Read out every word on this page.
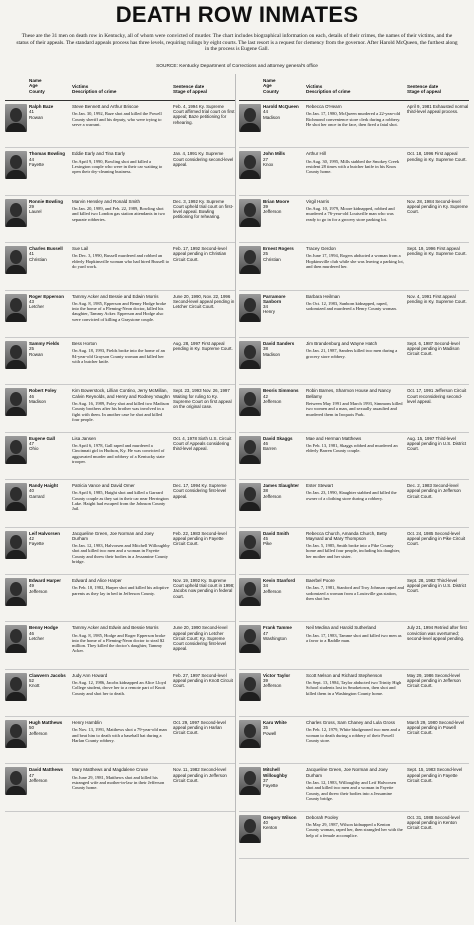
DEATH ROW INMATES
These are the 31 men on death row in Kentucky, all of whom were convicted of murder. The chart includes biographical information on each, details of their crimes, the names of their victims, and the status of their appeals. The standard appeals process has three levels, requiring rulings by eight courts. The last resort is a request for clemency from the governor. After Harold McQueen, the furthest along in the process is Eugene Gall.
SOURCE: Kentucky Department of Corrections and attorney general's office
Name
Age
County
Victims
Description of crime
Sentence date
Stage of appeal
Ralph Baze
41
Rowan
Steve Bennett and Arthur Briscoe
On Jan. 30, 1992, Baze shot and killed the Powell County sheriff and his deputy, who were trying to serve a warrant.
Feb. 4, 1994 Ky. Supreme Court affirmed trial court on first appeal; Baze petitioning for rehearing.
Thomas Bowling
44
Fayette
Eddie Early and Tina Early
On April 9, 1990, Bowling shot and killed a Lexington couple who were in their car waiting to open their dry-cleaning business.
Jan. 4, 1991 Ky. Supreme Court considering second-level appeal.
Ronnie Bowling
29
Laurel
Marvin Hensley and Ronald Smith
On Jan. 20, 1989, and Feb. 22, 1989, Bowling shot and killed two London gas station attendants in two separate robberies.
Dec. 3, 1992 Ky. Supreme Court upheld trial court on first-level appeal. Bowling petitioning for rehearing.
Charles Bussell
41
Christian
Sue Lail
On Dec. 3, 1990, Bussell murdered and robbed an elderly Hopkinsville woman who had hired Bussell to do yard work.
Feb. 17, 1992 Second-level appeal pending in Christian Circuit Court.
Roger Epperson
43
Letcher
Tammy Acker and Bessie and Edwin Morris
On Aug. 8, 1985, Epperson and Benny Hodge broke into the home of a Fleming-Neon doctor, killed his daughter, Tammy Acker. Epperson and Hodge also were convicted of killing a Graystone couple.
June 20, 1990, Nov. 22, 1996 Second-level appeal pending in Letcher Circuit Court.
Sammy Fields
25
Rowan
Bess Horton
On Aug. 18, 1993, Fields broke into the home of an 84-year-old Grayson County woman and killed her with a butcher knife.
Aug. 28, 1997 First appeal pending in Ky. Supreme Court.
Robert Foley
46
Madison
Kim Bowerstock, Lillian Contino, Jerry McMillan, Calvin Reynolds, and Henry and Rodney Vaughn
On Aug. 16, 1989, Foley shot and killed two Madison County brothers after his brother was involved in a fight with them. In another case he shot and killed four people.
Sept. 23, 1993 Nov. 26, 1997 Waiting for ruling to Ky. Supreme Court on first appeal on the original case.
Eugene Gall
47
Ohio
Lisa Jansen
On April 6, 1978, Gall raped and murdered a Cincinnati girl in Hudson, Ky. He was convicted of aggravated murder and robbery of a Kentucky state trooper.
Oct. 4, 1978 Sixth U.S. Circuit Court of Appeals considering third-level appeal.
Randy Haight
40
Garrard
Patricia Vance and David Omer
On April 6, 1985, Haight shot and killed a Garrard County couple as they sat in their car near Herrington Lake. Haight had escaped from the Johnson County Jail.
Dec. 17, 1994 Ky. Supreme Court considering first-level appeal.
Leif Halvorsen
42
Fayette
Jacqueline Green, Joe Norman and Joey Durham
On Jan. 12, 1983, Halvorsen and Mitchell Willoughby shot and killed two men and a woman in Fayette County and threw their bodies in a Jessamine County bridge.
Feb. 22, 1983 Second-level appeal pending in Fayette Circuit Court.
Edward Harper
49
Jefferson
Edward and Alice Harper
On Feb. 18, 1982, Harper shot and killed his adoptive parents as they lay in bed in Jefferson County.
Nov. 19, 1992 Ky. Supreme Court upheld trial court in 1998; Jacobs now pending in federal court.
Benny Hodge
46
Letcher
Tammy Acker and Edwin and Bessie Morris
On Aug. 8, 1985, Hodge and Roger Epperson broke into the home of a Fleming-Neon doctor to steal $2 million. They killed the doctor's daughter, Tammy Acker.
June 20, 1990 Second-level appeal pending in Letcher Circuit Court; Ky. Supreme Court considering first-level appeal.
Clawvern Jacobs
52
Knott
Judy Ann Howard
On Aug. 12, 1986, Jacobs kidnapped an Alice Lloyd College student, drove her to a remote part of Knott County and shot her to death.
Feb. 27, 1997 Second-level appeal pending in Knott Circuit Court.
Hugh Matthews
50
Jefferson
Henry Hamblin
On Nov. 13, 1991, Matthews shot a 79-year-old man and beat him to death with a baseball bat during a Harlan County robbery.
Oct. 29, 1997 Second-level appeal pending in Harlan Circuit Court.
David Matthews
47
Jefferson
Mary Matthews and Magdalene Cruse
On June 29, 1981, Matthews shot and killed his estranged wife and mother-in-law in their Jefferson County home.
Nov. 11, 1982 Second-level appeal pending in Jefferson Circuit Court.
Name
Age
County
Victims
Description of crime
Sentence date
Stage of appeal
Harold McQueen
44
Madison
Rebecca O'Hearn
On Jan. 17, 1980, McQueen murdered a 22-year-old Richmond convenience store clerk during a robbery. He shot her once in the face, then fired a fatal shot.
April 9, 1981 Exhausted normal third-level appeal process.
John Mills
27
Knox
Arthur Hill
On Aug. 30, 1995, Mills stabbed the Smokey Creek resident 28 times with a butcher knife in his Knox County home.
Oct. 18, 1996 First appeal pending in Ky. Supreme Court.
Brian Moore
39
Jefferson
Virgil Harris
On Aug. 10, 1979, Moore kidnapped, robbed and murdered a 76-year-old Louisville man who was ready to go in for a grocery store parking lot.
Nov. 28, 1984 Second-level appeal pending in Ky. Supreme Court.
Ernest Rogers
25
Christian
Tracey Gerdon
On June 17, 1994, Rogers abducted a woman from a Hopkinsville club while she was leaving a parking lot, and then murdered her.
Sept. 19, 1996 First appeal pending in Ky. Supreme Court.
Parramore Sanborn
34
Henry
Barbara Heilman
On Oct. 12, 1983, Sanborn kidnapped, raped, sodomized and murdered a Henry County woman.
Nov. 4, 1991 First appeal pending in Ky. Supreme Court.
David Sanders
38
Madison
Jim Brandenburg and Wayne Hatch
On Jan. 21, 1987, Sanders killed two men during a grocery store robbery.
Sept. 6, 1987 Second-level appeal pending in Madison Circuit Court.
Beoris Simmons
42
Jefferson
Robin Barnes, Sharmon House and Nancy Bellamy
Between May 1991 and March 1993, Simmons killed two women and a man, and sexually assaulted and murdered them in Iroquois Park.
Oct. 17, 1991 Jefferson Circuit Court reconsidering second-level appeal.
David Skaggs
46
Barren
Mae and Herman Matthews
On Feb. 13, 1981, Skaggs robbed and murdered an elderly Barren County couple.
Aug. 15, 1997 Third-level appeal pending in U.S. District Court.
James Slaughter
38
Jefferson
Ester Stewart
On Jan. 23, 1990, Slaughter stabbed and killed the owner of a clothing store during a robbery.
Dec. 2, 1983 Second-level appeal pending in Jefferson Circuit Court.
David Smith
45
Pike
Rebecca Church, Amanda Church, Betty Maynard and Mary Thompson
On Jan. 5, 1985, Smith broke into a Pike County home and killed four people, including his daughter, her mother and her sister.
Oct. 24, 1985 Second-level appeal pending in Pike Circuit Court.
Kevin Stanford
34
Jefferson
Baerbel Poore
On Jan. 7, 1981, Stanford and Troy Johnson raped and sodomized a woman from a Louisville gas station, then shot her.
Sept. 28, 1982 Third-level appeal pending in U.S. District Court.
Frank Tamme
47
Washington
Neil Medina and Harold Sutherland
On Jan. 17, 1983, Tamme shot and killed two men as a favor to a Raddle man.
July 21, 1994 Retried after first conviction was overturned; second-level appeal pending.
Victor Taylor
39
Jefferson
Scott Nelson and Richard Stephenson
On Sept. 13, 1984, Taylor abducted two Trinity High School students lost in Smoketown, then shot and killed them in a Washington County home.
May 29, 1986 Second-level appeal pending in Jefferson Circuit Court.
Karu White
35
Powell
Charles Gross, Sam Chaney and Lula Gross
On Feb. 12, 1979, White bludgeoned two men and a woman to death during a robbery of their Powell County store.
March 29, 1980 Second-level appeal pending in Powell Circuit Court.
Mitchell Willoughby
37
Fayette
Jacqueline Green, Joe Norman and Joey Durham
On Jan. 12, 1983, Willoughby and Leif Halvorsen shot and killed two men and a woman in Fayette County, and threw their bodies into a Jessamine County bridge.
Sept. 15, 1983 Second-level appeal pending in Fayette Circuit Court.
Gregory Wilson
40
Kenton
Deborah Pooley
On May 29, 1987, Wilson kidnapped a Kenton County woman, raped her, then strangled her with the help of a female accomplice.
Oct. 31, 1988 Second-level appeal pending in Kenton Circuit Court.
